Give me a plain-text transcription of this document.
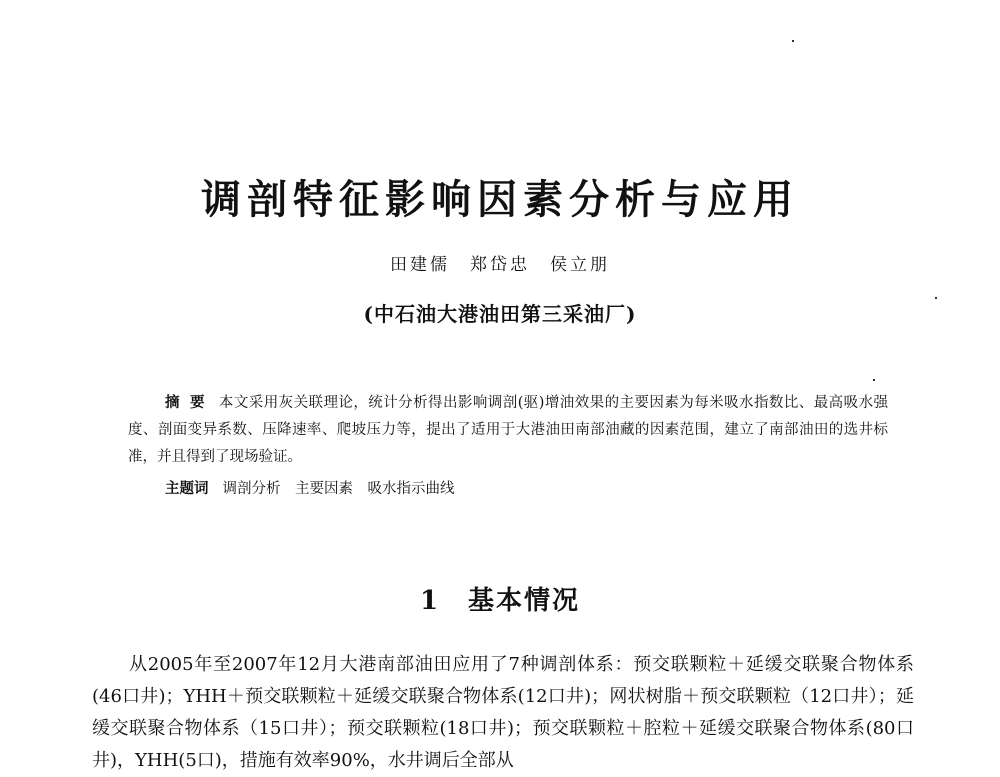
调剖特征影响因素分析与应用
田建儒　郑岱忠　侯立朋
(中石油大港油田第三采油厂)
摘要 本文采用灰关联理论，统计分析得出影响调剖(驱)增油效果的主要因素为每米吸水指数比、最高吸水强度、剖面变异系数、压降速率、爬坡压力等，提出了适用于大港油田南部油藏的因素范围，建立了南部油田的选井标准，并且得到了现场验证。
主题词 调剖分析　主要因素　吸水指示曲线
1 基本情况
从2005年至2007年12月大港南部油田应用了7种调剖体系：预交联颗粒＋延缓交联聚合物体系(46口井)；YHH＋预交联颗粒＋延缓交联聚合物体系(12口井)；网状树脂＋预交联颗粒（12口井）；延缓交联聚合物体系（15口井）；预交联颗粒(18口井)；预交联颗粒＋腔粒＋延缓交联聚合物体系(80口井)，YHH(5口)，措施有效率90%，水井调后全部从
